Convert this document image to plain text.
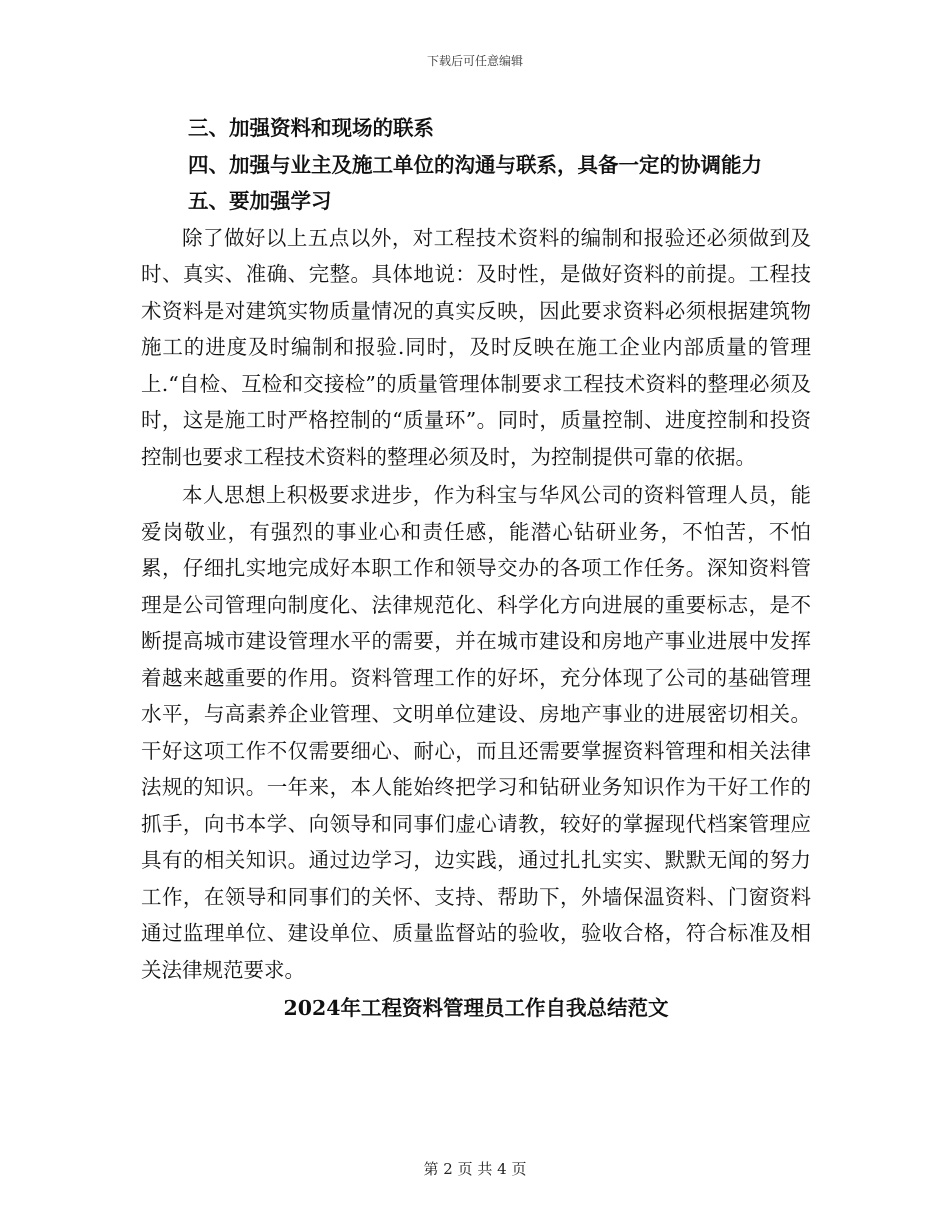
下载后可任意编辑
三、加强资料和现场的联系
四、加强与业主及施工单位的沟通与联系，具备一定的协调能力
五、要加强学习

除了做好以上五点以外，对工程技术资料的编制和报验还必须做到及时、真实、准确、完整。具体地说：及时性，是做好资料的前提。工程技术资料是对建筑实物质量情况的真实反映，因此要求资料必须根据建筑物施工的进度及时编制和报验.同时，及时反映在施工企业内部质量的管理上.“自检、互检和交接检”的质量管理体制要求工程技术资料的整理必须及时，这是施工时严格控制的“质量环”。同时，质量控制、进度控制和投资控制也要求工程技术资料的整理必须及时，为控制提供可靠的依据。

本人思想上积极要求进步，作为科宝与华风公司的资料管理人员，能爱岗敬业，有强烈的事业心和责任感，能潜心钻研业务，不怕苦，不怕累，仔细扎实地完成好本职工作和领导交办的各项工作任务。深知资料管理是公司管理向制度化、法律规范化、科学化方向进展的重要标志，是不断提高城市建设管理水平的需要，并在城市建设和房地产事业进展中发挥着越来越重要的作用。资料管理工作的好坏，充分体现了公司的基础管理水平，与高素养企业管理、文明单位建设、房地产事业的进展密切相关。干好这项工作不仅需要细心、耐心，而且还需要掌握资料管理和相关法律法规的知识。一年来，本人能始终把学习和钻研业务知识作为干好工作的抓手，向书本学、向领导和同事们虚心请教，较好的掌握现代档案管理应具有的相关知识。通过边学习，边实践，通过扎扎实实、默默无闻的努力工作，在领导和同事们的关怀、支持、帮助下，外墙保温资料、门窗资料通过监理单位、建设单位、质量监督站的验收，验收合格，符合标准及相关法律规范要求。

2024年工程资料管理员工作自我总结范文
第 2 页 共 4 页
